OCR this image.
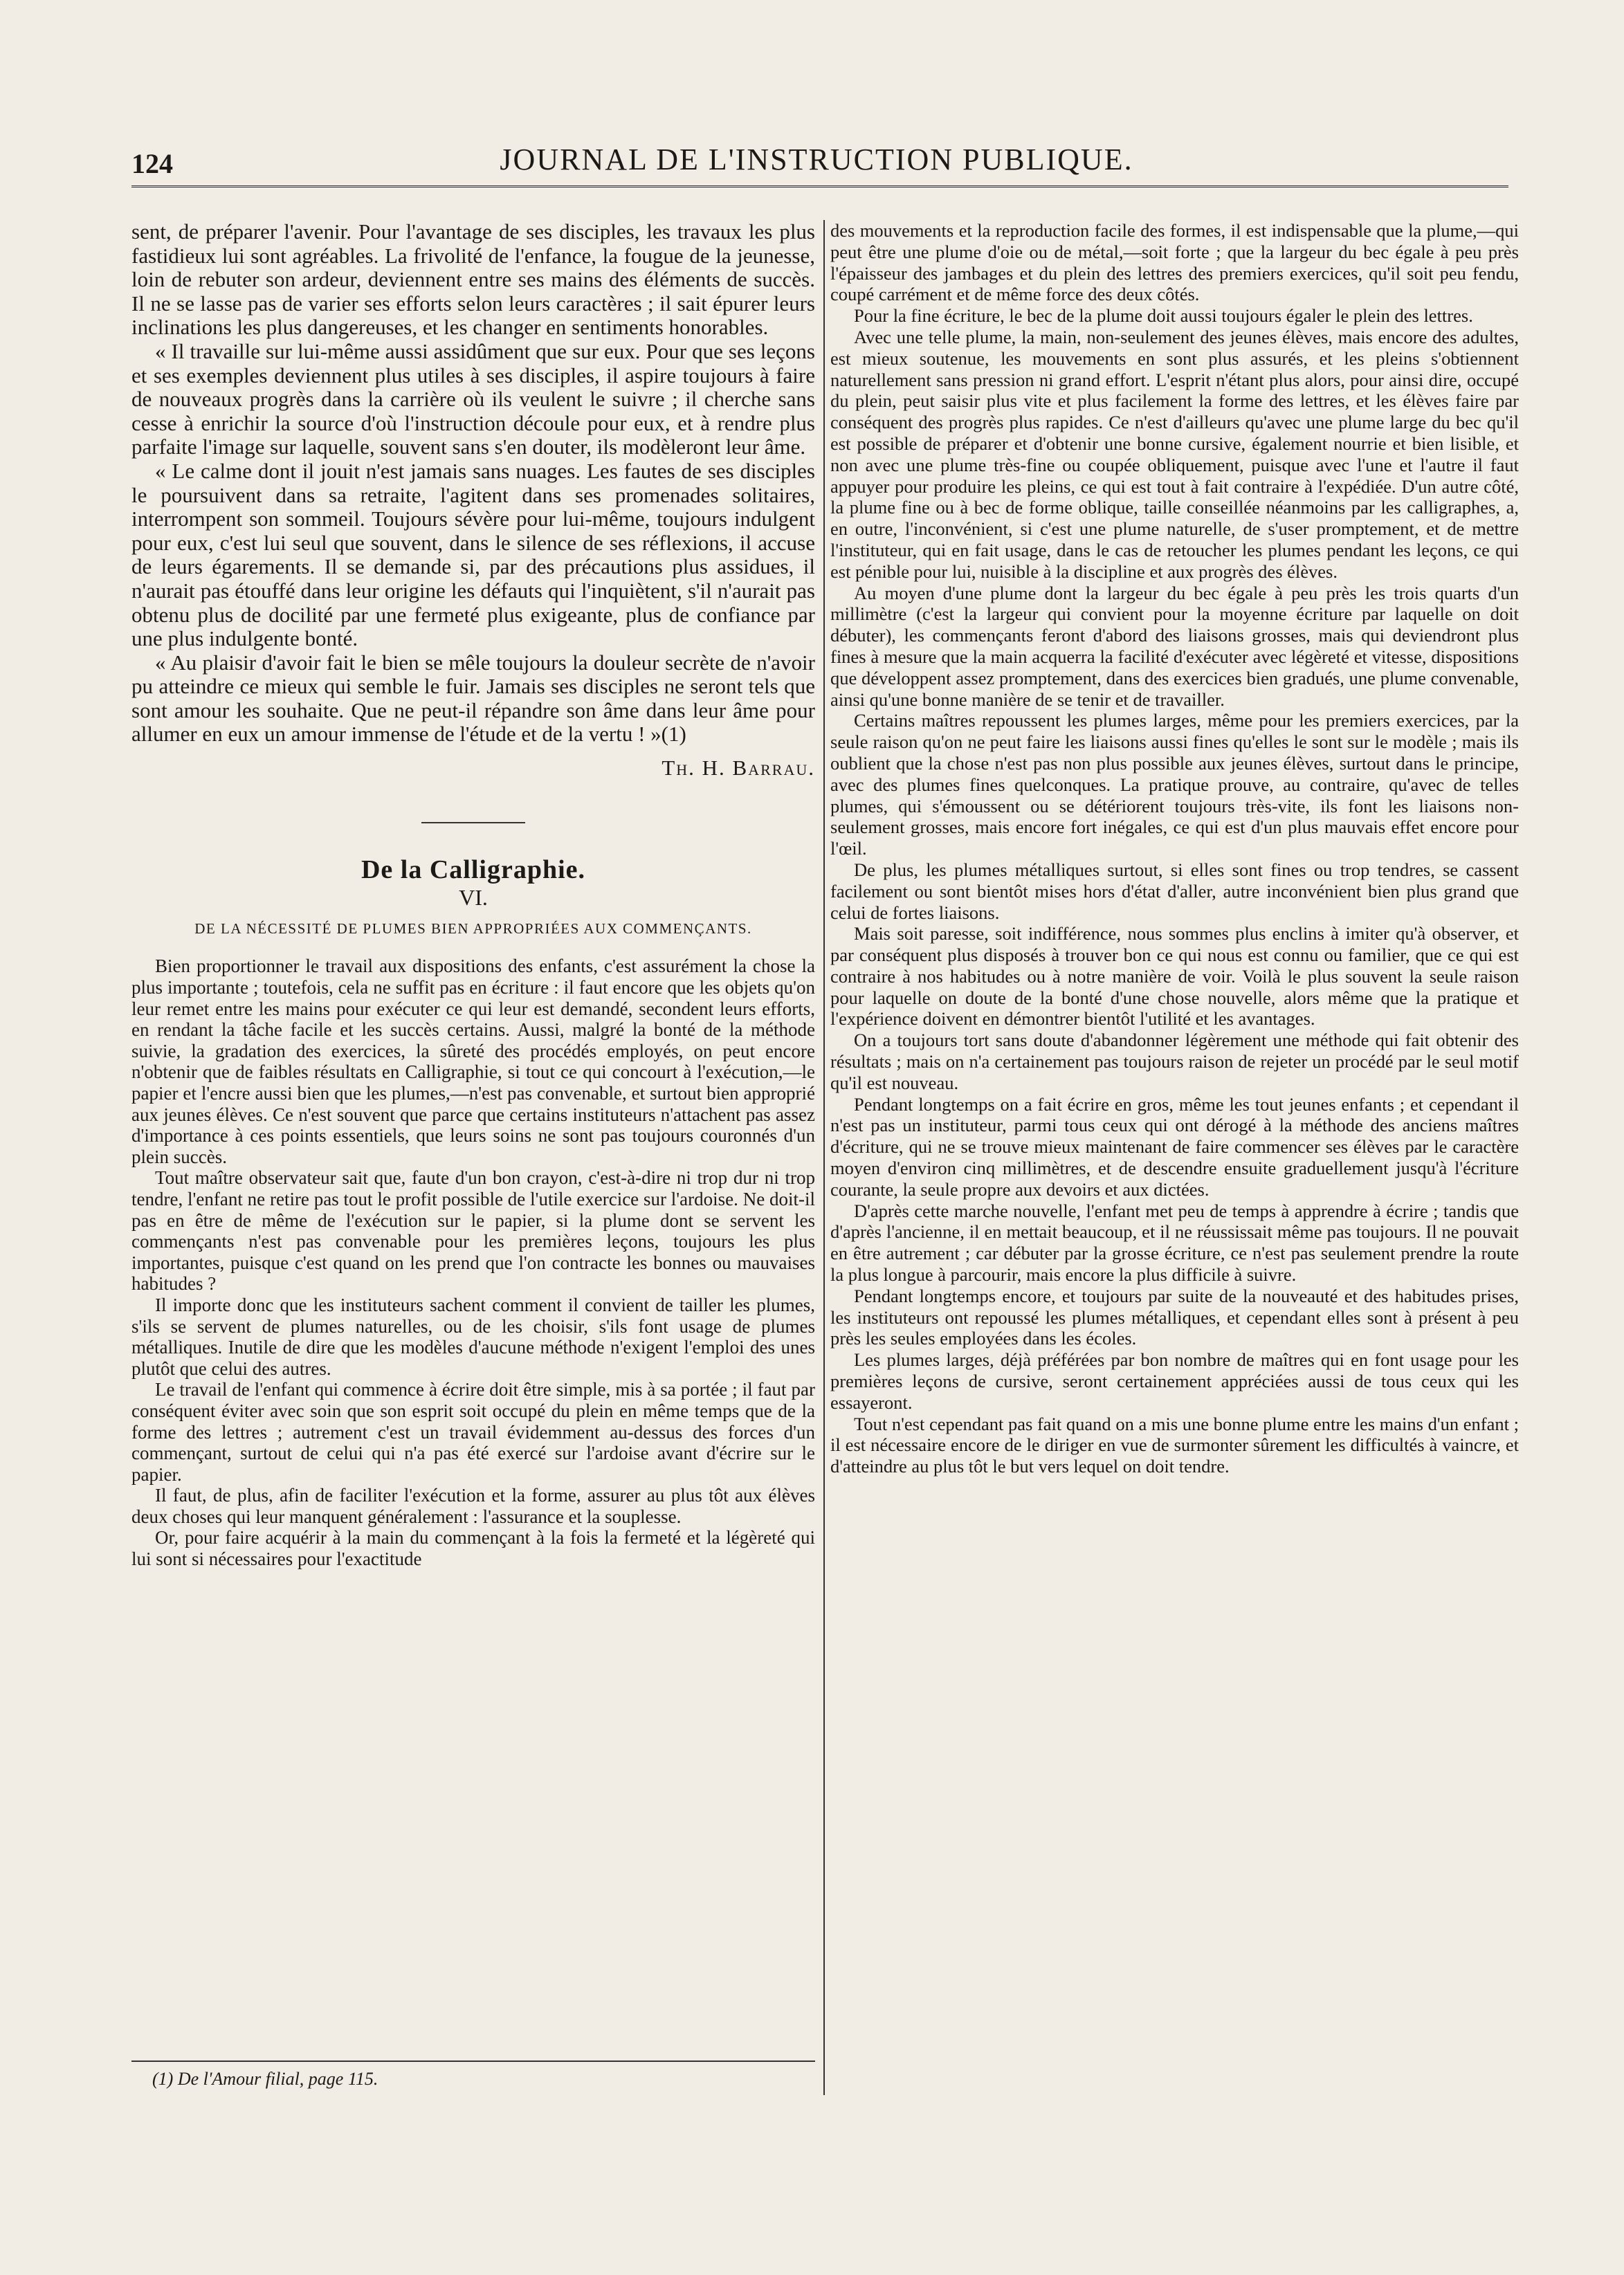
124	JOURNAL DE L'INSTRUCTION PUBLIQUE.

sent, de préparer l'avenir. Pour l'avantage de ses disciples, les travaux les plus fastidieux lui sont agréables. La frivolité de l'enfance, la fougue de la jeunesse, loin de rebuter son ardeur, deviennent entre ses mains des éléments de succès. Il ne se lasse pas de varier ses efforts selon leurs caractères ; il sait épurer leurs inclinations les plus dangereuses, et les changer en sentiments honorables.

« Il travaille sur lui-même aussi assidûment que sur eux. Pour que ses leçons et ses exemples deviennent plus utiles à ses disciples, il aspire toujours à faire de nouveaux progrès dans la carrière où ils veulent le suivre ; il cherche sans cesse à enrichir la source d'où l'instruction découle pour eux, et à rendre plus parfaite l'image sur laquelle, souvent sans s'en douter, ils modèleront leur âme.

« Le calme dont il jouit n'est jamais sans nuages. Les fautes de ses disciples le poursuivent dans sa retraite, l'agitent dans ses promenades solitaires, interrompent son sommeil. Toujours sévère pour lui-même, toujours indulgent pour eux, c'est lui seul que souvent, dans le silence de ses réflexions, il accuse de leurs égarements. Il se demande si, par des précautions plus assidues, il n'aurait pas étouffé dans leur origine les défauts qui l'inquiètent, s'il n'aurait pas obtenu plus de docilité par une fermeté plus exigeante, plus de confiance par une plus indulgente bonté.

« Au plaisir d'avoir fait le bien se mêle toujours la douleur secrète de n'avoir pu atteindre ce mieux qui semble le fuir. Jamais ses disciples ne seront tels que sont amour les souhaite. Que ne peut-il répandre son âme dans leur âme pour allumer en eux un amour immense de l'étude et de la vertu ! »(1)

Th. H. Barrau.
De la Calligraphie.
VI.
DE LA NÉCESSITÉ DE PLUMES BIEN APPROPRIÉES AUX COMMENÇANTS.

Bien proportionner le travail aux dispositions des enfants, c'est assurément la chose la plus importante ; toutefois, cela ne suffit pas en écriture : il faut encore que les objets qu'on leur remet entre les mains pour exécuter ce qui leur est demandé, secondent leurs efforts, en rendant la tâche facile et les succès certains. Aussi, malgré la bonté de la méthode suivie, la gradation des exercices, la sûreté des procédés employés, on peut encore n'obtenir que de faibles résultats en Calligraphie, si tout ce qui concourt à l'exécution,—le papier et l'encre aussi bien que les plumes,—n'est pas convenable, et surtout bien approprié aux jeunes élèves. Ce n'est souvent que parce que certains instituteurs n'attachent pas assez d'importance à ces points essentiels, que leurs soins ne sont pas toujours couronnés d'un plein succès.

Tout maître observateur sait que, faute d'un bon crayon, c'est-à-dire ni trop dur ni trop tendre, l'enfant ne retire pas tout le profit possible de l'utile exercice sur l'ardoise. Ne doit-il pas en être de même de l'exécution sur le papier, si la plume dont se servent les commençants n'est pas convenable pour les premières leçons, toujours les plus importantes, puisque c'est quand on les prend que l'on contracte les bonnes ou mauvaises habitudes ?

Il importe donc que les instituteurs sachent comment il convient de tailler les plumes, s'ils se servent de plumes naturelles, ou de les choisir, s'ils font usage de plumes métalliques. Inutile de dire que les modèles d'aucune méthode n'exigent l'emploi des unes plutôt que celui des autres.

Le travail de l'enfant qui commence à écrire doit être simple, mis à sa portée ; il faut par conséquent éviter avec soin que son esprit soit occupé du plein en même temps que de la forme des lettres ; autrement c'est un travail évidemment au-dessus des forces d'un commençant, surtout de celui qui n'a pas été exercé sur l'ardoise avant d'écrire sur le papier.

Il faut, de plus, afin de faciliter l'exécution et la forme, assurer au plus tôt aux élèves deux choses qui leur manquent généralement : l'assurance et la souplesse.

Or, pour faire acquérir à la main du commençant à la fois la fermeté et la légèreté qui lui sont si nécessaires pour l'exactitude

des mouvements et la reproduction facile des formes, il est indispensable que la plume,—qui peut être une plume d'oie ou de métal,—soit forte ; que la largeur du bec égale à peu près l'épaisseur des jambages et du plein des lettres des premiers exercices, qu'il soit peu fendu, coupé carrément et de même force des deux côtés.

Pour la fine écriture, le bec de la plume doit aussi toujours égaler le plein des lettres.

Avec une telle plume, la main, non-seulement des jeunes élèves, mais encore des adultes, est mieux soutenue, les mouvements en sont plus assurés, et les pleins s'obtiennent naturellement sans pression ni grand effort. L'esprit n'étant plus alors, pour ainsi dire, occupé du plein, peut saisir plus vite et plus facilement la forme des lettres, et les élèves faire par conséquent des progrès plus rapides. Ce n'est d'ailleurs qu'avec une plume large du bec qu'il est possible de préparer et d'obtenir une bonne cursive, également nourrie et bien lisible, et non avec une plume très-fine ou coupée obliquement, puisque avec l'une et l'autre il faut appuyer pour produire les pleins, ce qui est tout à fait contraire à l'expédiée. D'un autre côté, la plume fine ou à bec de forme oblique, taille conseillée néanmoins par les calligraphes, a, en outre, l'inconvénient, si c'est une plume naturelle, de s'user promptement, et de mettre l'instituteur, qui en fait usage, dans le cas de retoucher les plumes pendant les leçons, ce qui est pénible pour lui, nuisible à la discipline et aux progrès des élèves.

Au moyen d'une plume dont la largeur du bec égale à peu près les trois quarts d'un millimètre (c'est la largeur qui convient pour la moyenne écriture par laquelle on doit débuter), les commençants feront d'abord des liaisons grosses, mais qui deviendront plus fines à mesure que la main acquerra la facilité d'exécuter avec légèreté et vitesse, dispositions que développent assez promptement, dans des exercices bien gradués, une plume convenable, ainsi qu'une bonne manière de se tenir et de travailler.

Certains maîtres repoussent les plumes larges, même pour les premiers exercices, par la seule raison qu'on ne peut faire les liaisons aussi fines qu'elles le sont sur le modèle ; mais ils oublient que la chose n'est pas non plus possible aux jeunes élèves, surtout dans le principe, avec des plumes fines quelconques. La pratique prouve, au contraire, qu'avec de telles plumes, qui s'émoussent ou se détériorent toujours très-vite, ils font les liaisons non-seulement grosses, mais encore fort inégales, ce qui est d'un plus mauvais effet encore pour l'œil.

De plus, les plumes métalliques surtout, si elles sont fines ou trop tendres, se cassent facilement ou sont bientôt mises hors d'état d'aller, autre inconvénient bien plus grand que celui de fortes liaisons.

Mais soit paresse, soit indifférence, nous sommes plus enclins à imiter qu'à observer, et par conséquent plus disposés à trouver bon ce qui nous est connu ou familier, que ce qui est contraire à nos habitudes ou à notre manière de voir. Voilà le plus souvent la seule raison pour laquelle on doute de la bonté d'une chose nouvelle, alors même que la pratique et l'expérience doivent en démontrer bientôt l'utilité et les avantages.

On a toujours tort sans doute d'abandonner légèrement une méthode qui fait obtenir des résultats ; mais on n'a certainement pas toujours raison de rejeter un procédé par le seul motif qu'il est nouveau.

Pendant longtemps on a fait écrire en gros, même les tout jeunes enfants ; et cependant il n'est pas un instituteur, parmi tous ceux qui ont dérogé à la méthode des anciens maîtres d'écriture, qui ne se trouve mieux maintenant de faire commencer ses élèves par le caractère moyen d'environ cinq millimètres, et de descendre ensuite graduellement jusqu'à l'écriture courante, la seule propre aux devoirs et aux dictées.

D'après cette marche nouvelle, l'enfant met peu de temps à apprendre à écrire ; tandis que d'après l'ancienne, il en mettait beaucoup, et il ne réussissait même pas toujours. Il ne pouvait en être autrement ; car débuter par la grosse écriture, ce n'est pas seulement prendre la route la plus longue à parcourir, mais encore la plus difficile à suivre.

Pendant longtemps encore, et toujours par suite de la nouveauté et des habitudes prises, les instituteurs ont repoussé les plumes métalliques, et cependant elles sont à présent à peu près les seules employées dans les écoles.

Les plumes larges, déjà préférées par bon nombre de maîtres qui en font usage pour les premières leçons de cursive, seront certainement appréciées aussi de tous ceux qui les essayeront.

Tout n'est cependant pas fait quand on a mis une bonne plume entre les mains d'un enfant ; il est nécessaire encore de le diriger en vue de surmonter sûrement les difficultés à vaincre, et d'atteindre au plus tôt le but vers lequel on doit tendre.

(1) De l'Amour filial, page 115.
